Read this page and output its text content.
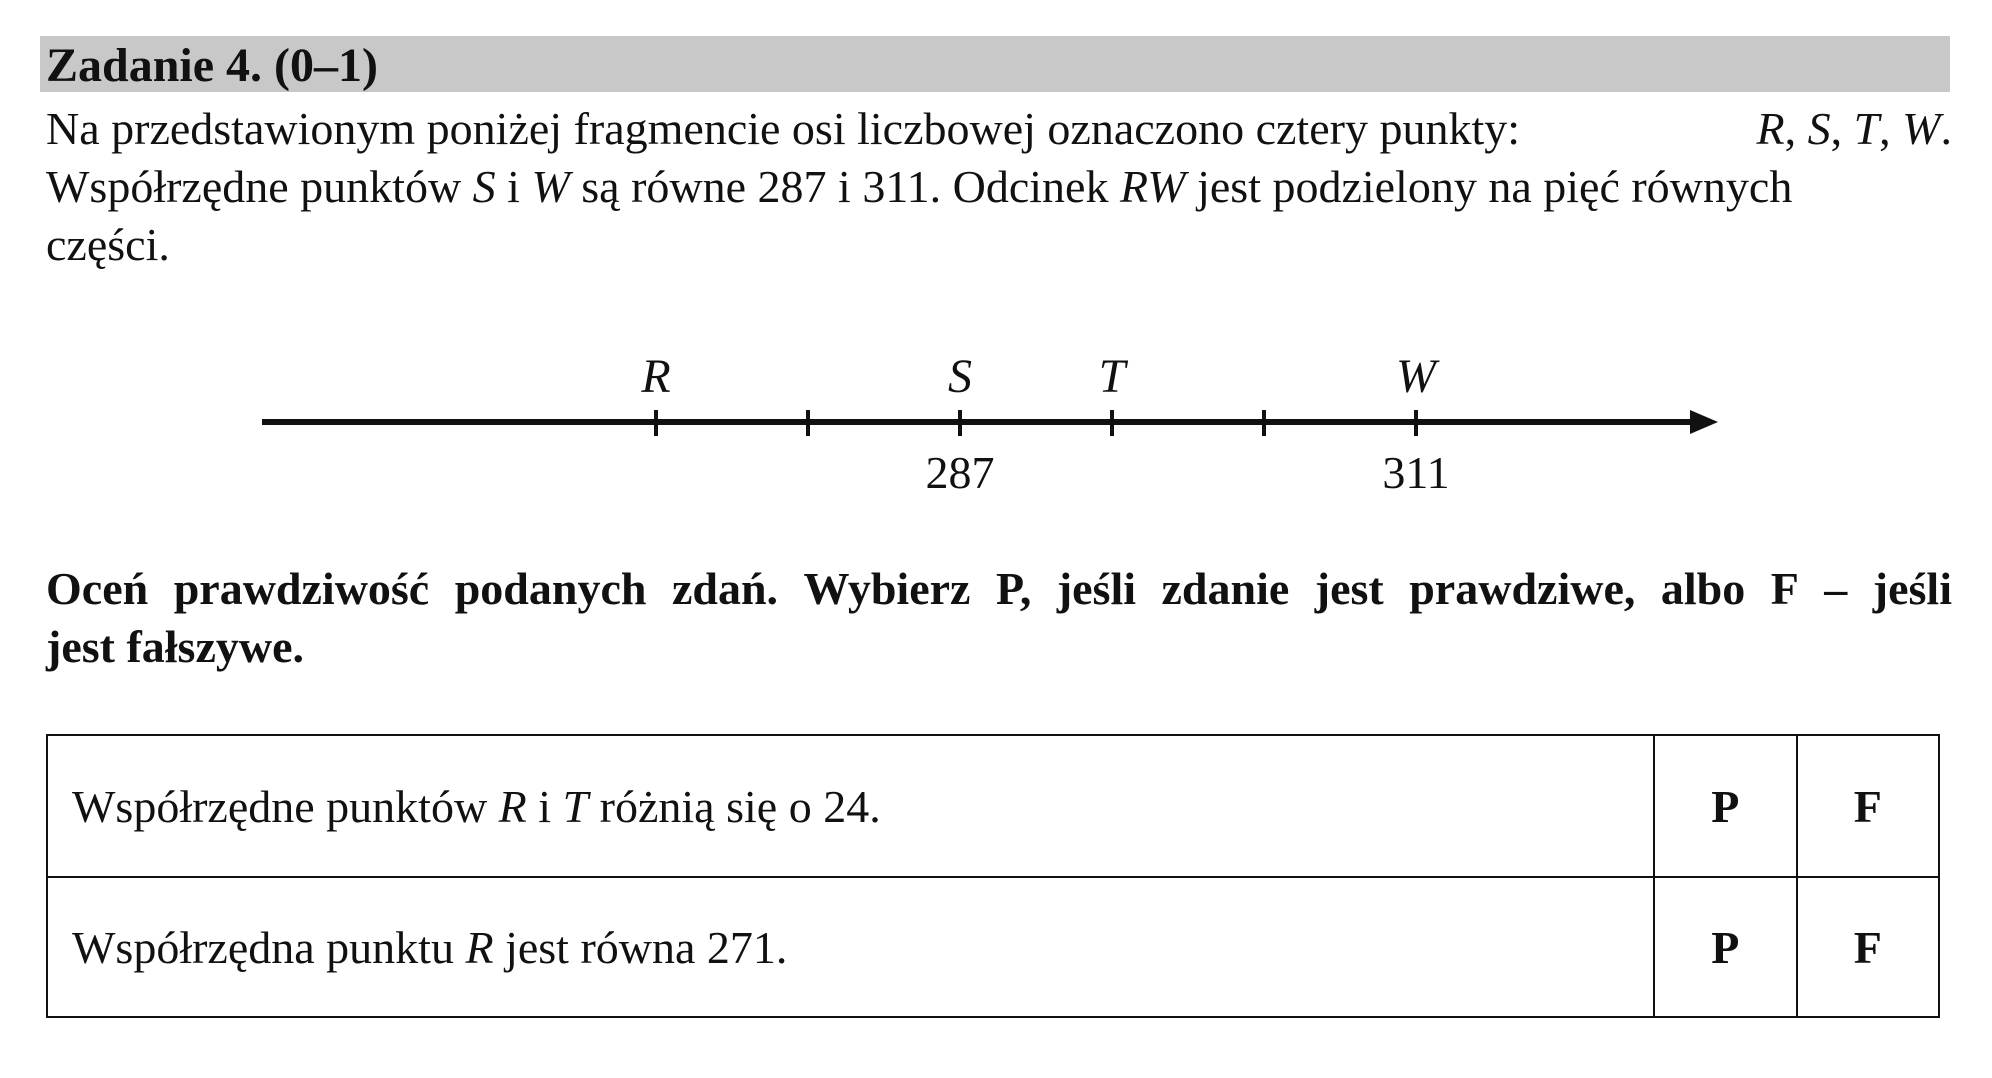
Zadanie 4. (0–1)
Na przedstawionym poniżej fragmencie osi liczbowej oznaczono cztery punkty:	R, S, T, W.
Współrzędne punktów S i W są równe 287 i 311. Odcinek RW jest podzielony na pięć równych
części.
R	S	T	W
287	311
Oceń prawdziwość podanych zdań. Wybierz P, jeśli zdanie jest prawdziwe, albo F – jeśli
jest fałszywe.
Współrzędne punktów R i T różnią się o 24.	P	F
Współrzędna punktu R jest równa 271.	P	F
